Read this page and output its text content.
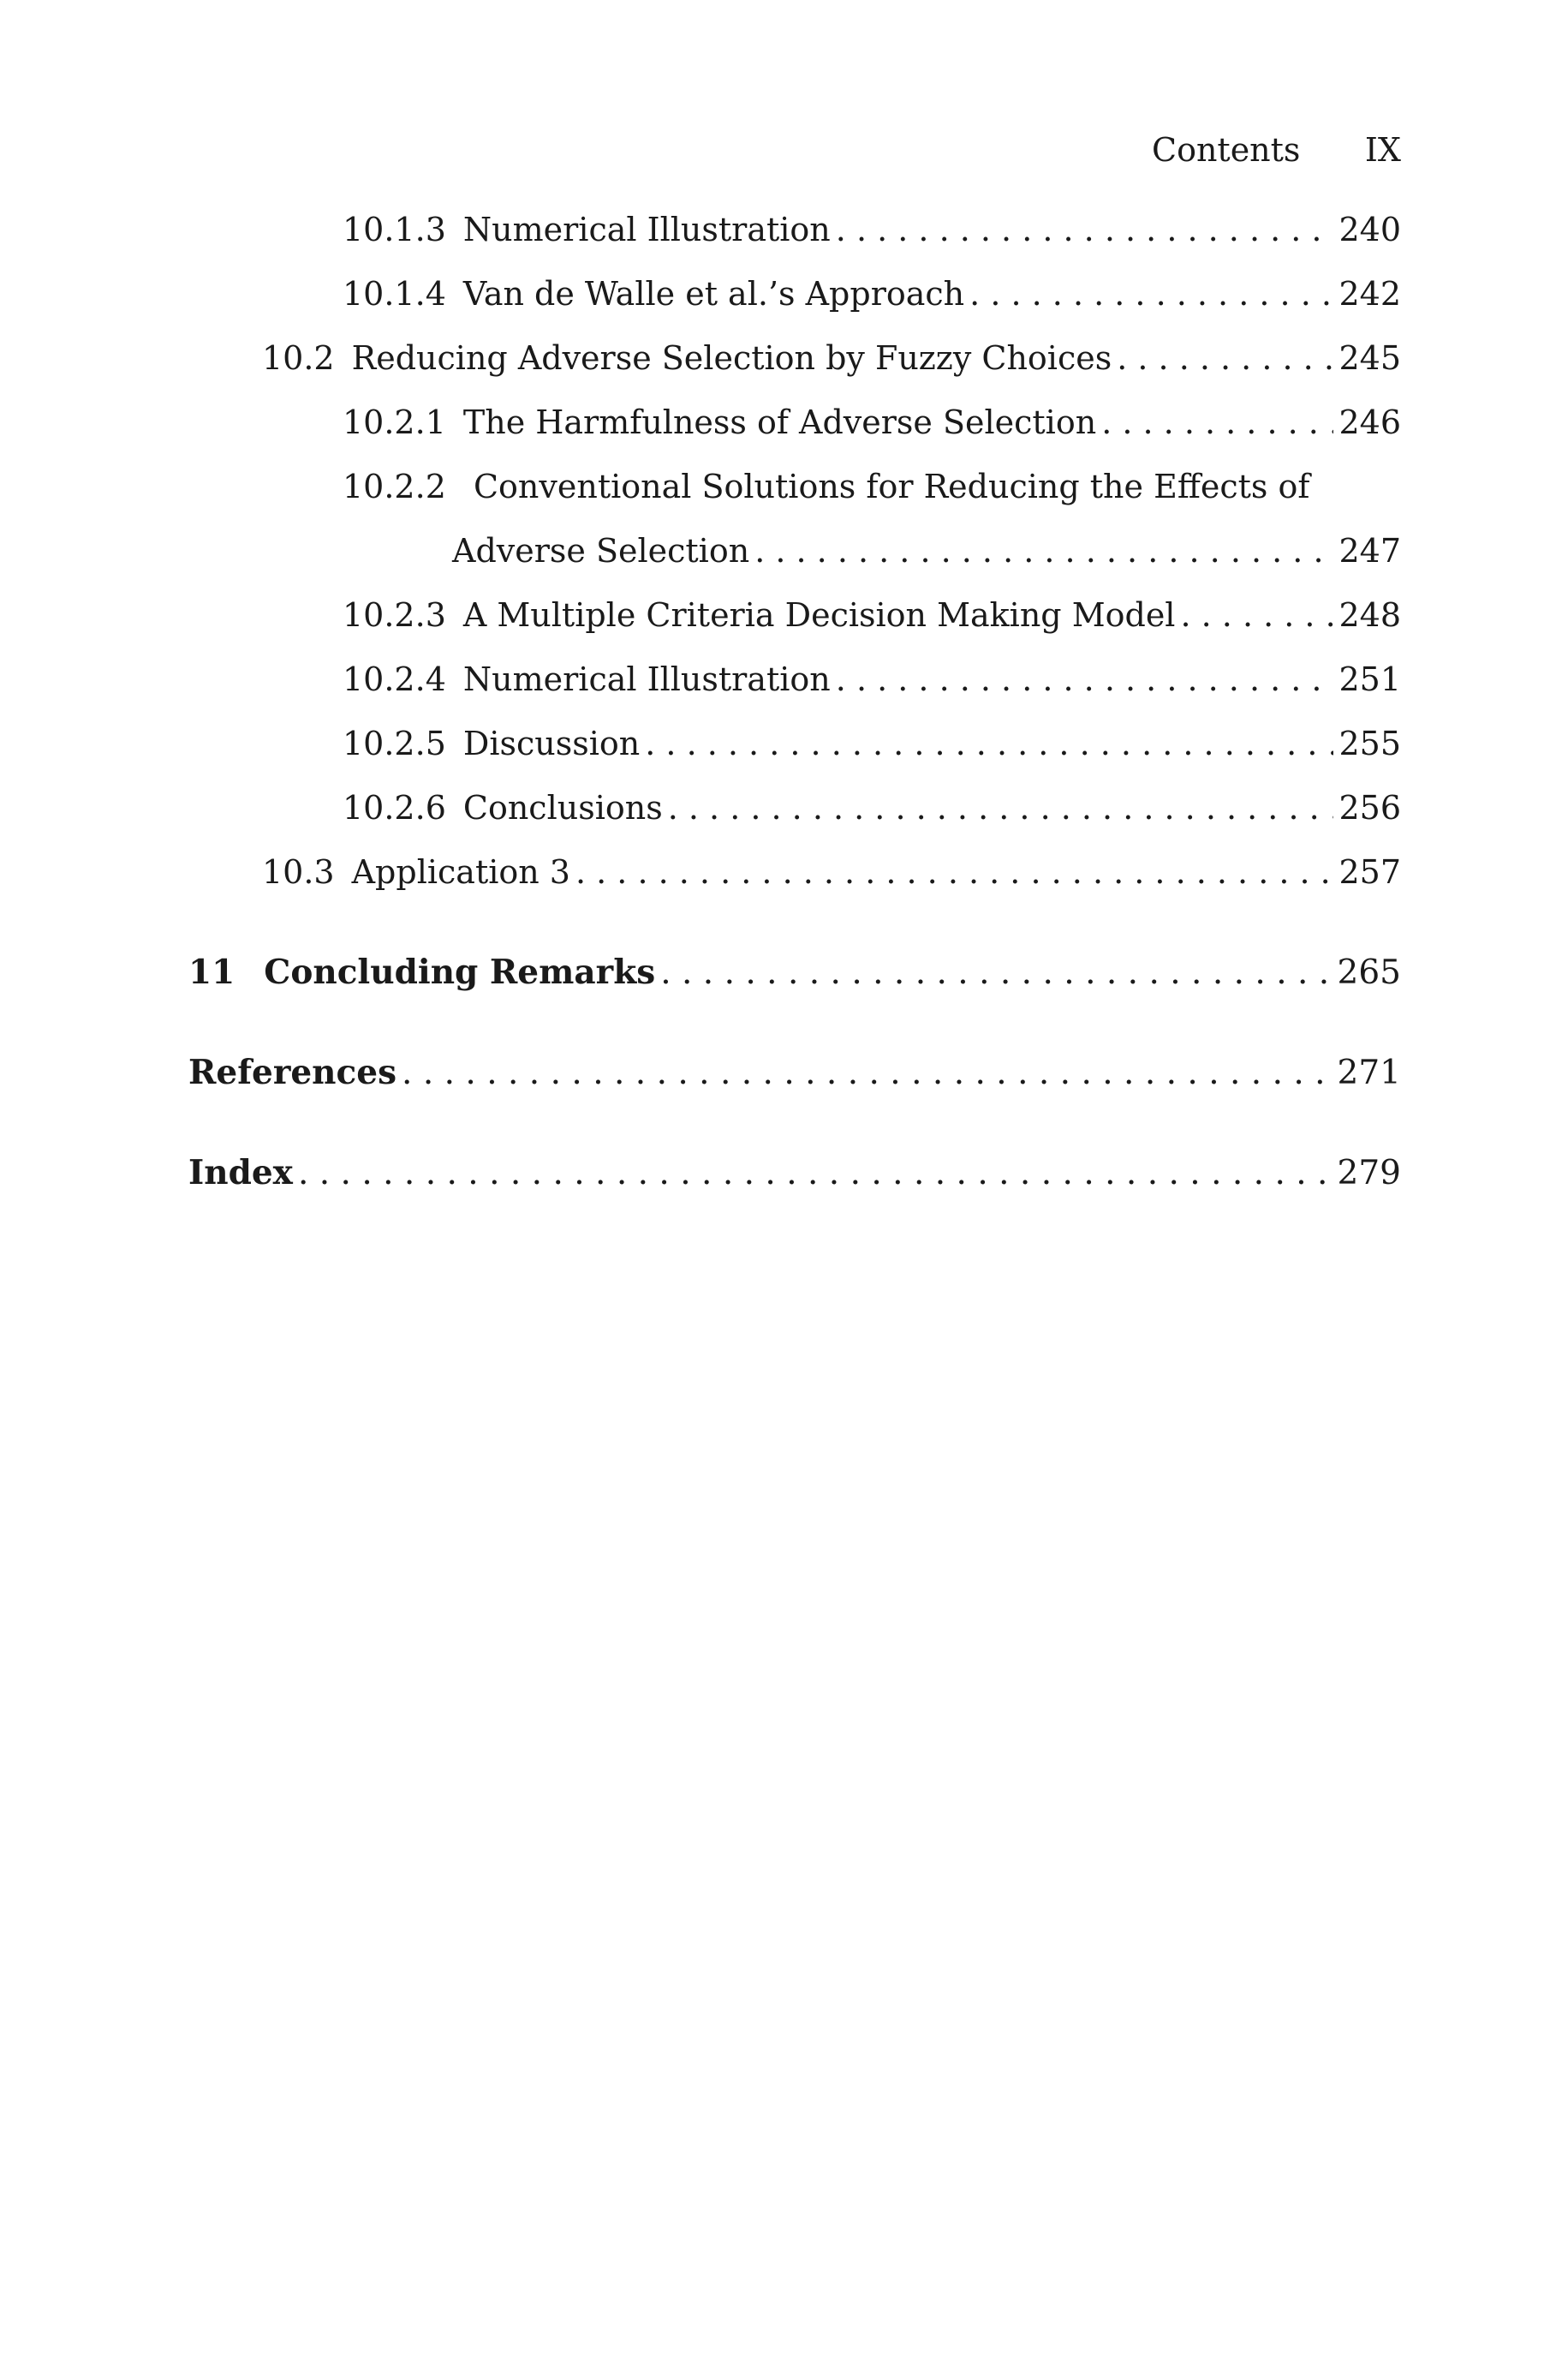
Contents IX
10.1.3 Numerical Illustration . . .	240
10.1.4 Van de Walle et al.’s Approach . . .	242
10.2 Reducing Adverse Selection by Fuzzy Choices . . .	245
10.2.1 The Harmfulness of Adverse Selection . . .	246
10.2.2 Conventional Solutions for Reducing the Effects of
Adverse Selection . . .	247
10.2.3 A Multiple Criteria Decision Making Model . . .	248
10.2.4 Numerical Illustration . . .	251
10.2.5 Discussion . . .	255
10.2.6 Conclusions . . .	256
10.3 Application 3 . . .	257
11 Concluding Remarks . . .	265
References . . .	271
Index . . .	279
